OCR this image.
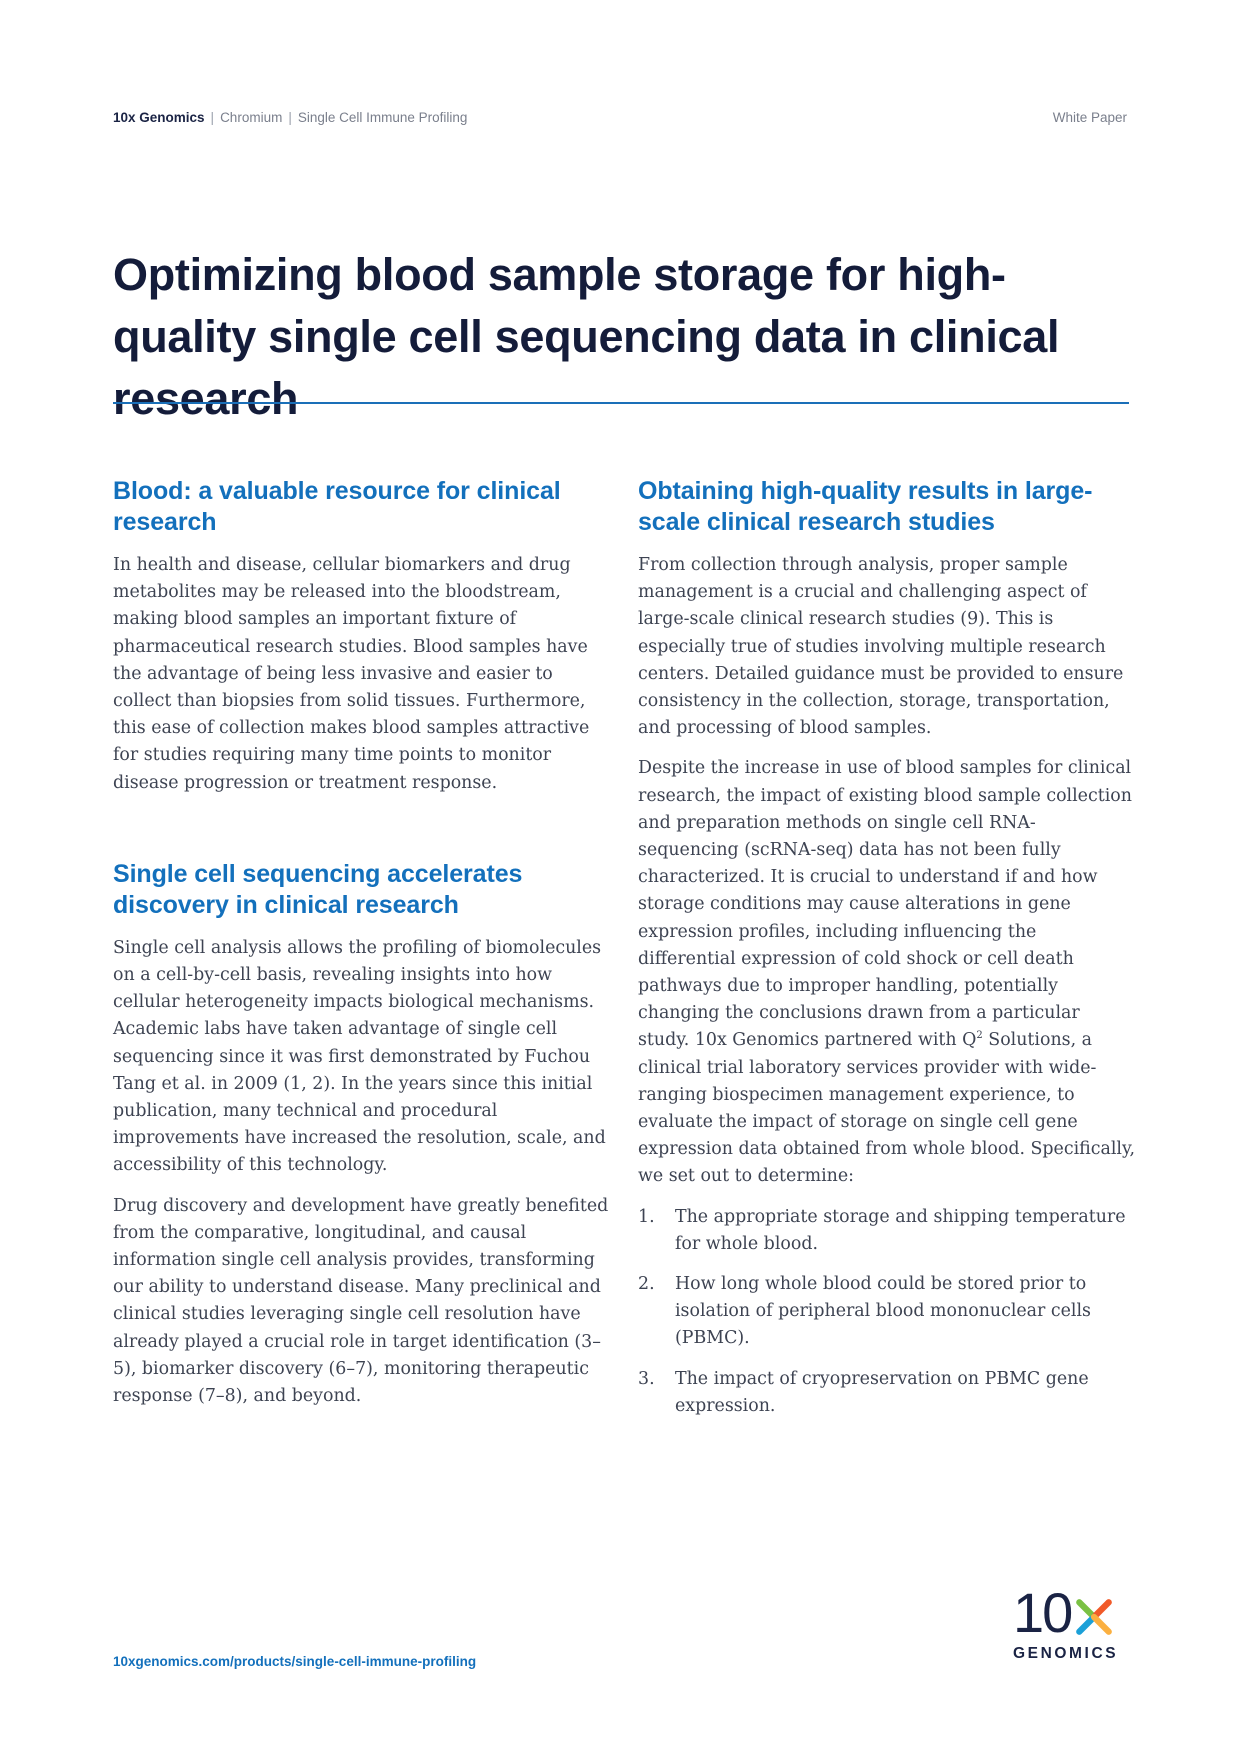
10x Genomics | Chromium | Single Cell Immune Profiling	White Paper
Optimizing blood sample storage for high-quality single cell sequencing data in clinical research
Blood: a valuable resource for clinical research

In health and disease, cellular biomarkers and drug metabolites may be released into the bloodstream, making blood samples an important fixture of pharmaceutical research studies. Blood samples have the advantage of being less invasive and easier to collect than biopsies from solid tissues. Furthermore, this ease of collection makes blood samples attractive for studies requiring many time points to monitor disease progression or treatment response.

Single cell sequencing accelerates discovery in clinical research

Single cell analysis allows the profiling of biomolecules on a cell-by-cell basis, revealing insights into how cellular heterogeneity impacts biological mechanisms. Academic labs have taken advantage of single cell sequencing since it was first demonstrated by Fuchou Tang et al. in 2009 (1, 2). In the years since this initial publication, many technical and procedural improvements have increased the resolution, scale, and accessibility of this technology.

Drug discovery and development have greatly benefited from the comparative, longitudinal, and causal information single cell analysis provides, transforming our ability to understand disease. Many preclinical and clinical studies leveraging single cell resolution have already played a crucial role in target identification (3–5), biomarker discovery (6–7), monitoring therapeutic response (7–8), and beyond.

Obtaining high-quality results in large-scale clinical research studies

From collection through analysis, proper sample management is a crucial and challenging aspect of large-scale clinical research studies (9). This is especially true of studies involving multiple research centers. Detailed guidance must be provided to ensure consistency in the collection, storage, transportation, and processing of blood samples.

Despite the increase in use of blood samples for clinical research, the impact of existing blood sample collection and preparation methods on single cell RNA-sequencing (scRNA-seq) data has not been fully characterized. It is crucial to understand if and how storage conditions may cause alterations in gene expression profiles, including influencing the differential expression of cold shock or cell death pathways due to improper handling, potentially changing the conclusions drawn from a particular study. 10x Genomics partnered with $Q^2$ Solutions, a clinical trial laboratory services provider with wide-ranging biospecimen management experience, to evaluate the impact of storage on single cell gene expression data obtained from whole blood. Specifically, we set out to determine:

1.	The appropriate storage and shipping temperature for whole blood.
2.	How long whole blood could be stored prior to isolation of peripheral blood mononuclear cells (PBMC).
3.	The impact of cryopreservation on PBMC gene expression.
10xgenomics.com/products/single-cell-immune-profiling
10
GENOMICS
